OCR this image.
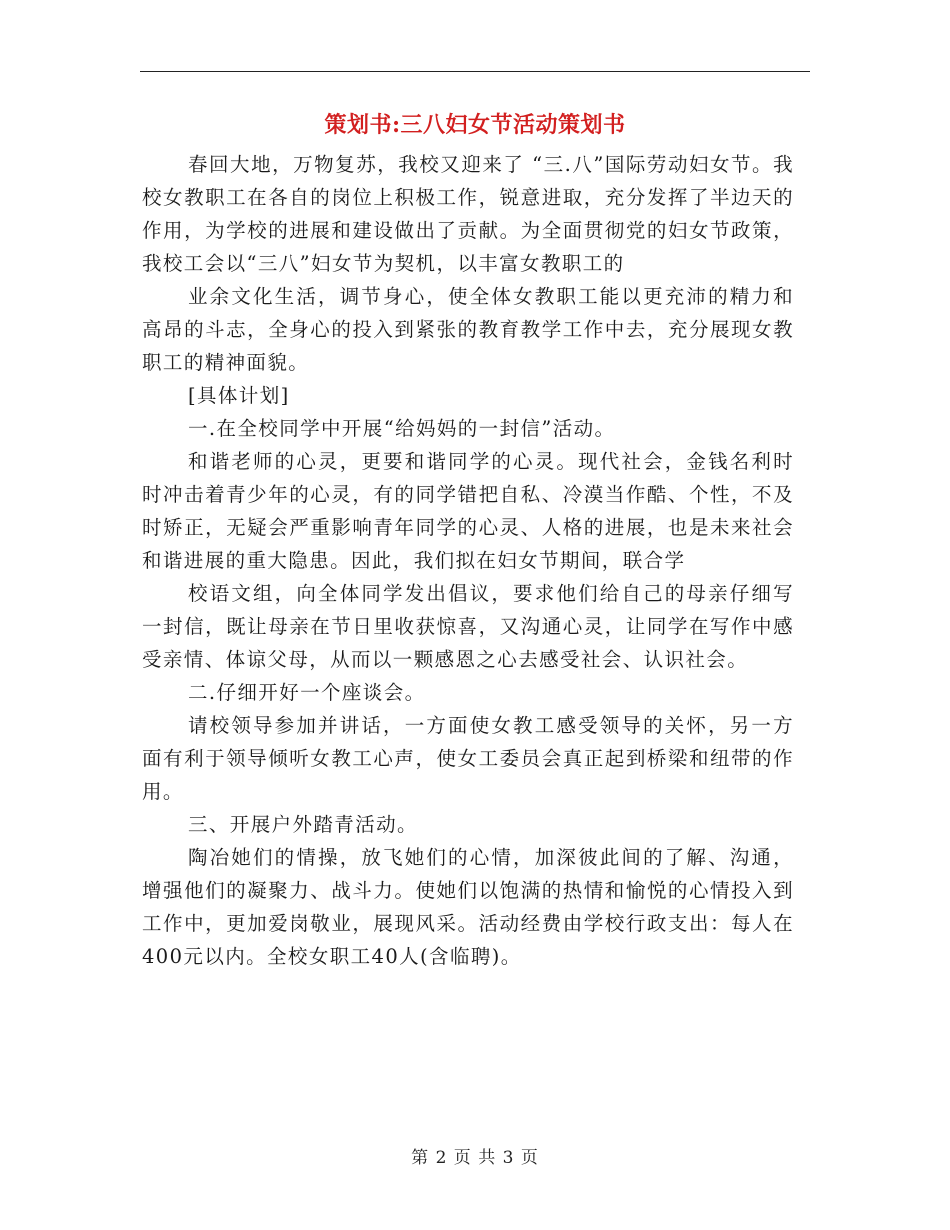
策划书:三八妇女节活动策划书

春回大地，万物复苏，我校又迎来了 “三.八”国际劳动妇女节。我校女教职工在各自的岗位上积极工作，锐意进取，充分发挥了半边天的作用，为学校的进展和建设做出了贡献。为全面贯彻党的妇女节政策，我校工会以“三八”妇女节为契机，以丰富女教职工的

业余文化生活，调节身心，使全体女教职工能以更充沛的精力和高昂的斗志，全身心的投入到紧张的教育教学工作中去，充分展现女教职工的精神面貌。

[具体计划]

一.在全校同学中开展“给妈妈的一封信”活动。

和谐老师的心灵，更要和谐同学的心灵。现代社会，金钱名利时时冲击着青少年的心灵，有的同学错把自私、冷漠当作酷、个性，不及时矫正，无疑会严重影响青年同学的心灵、人格的进展，也是未来社会和谐进展的重大隐患。因此，我们拟在妇女节期间，联合学

校语文组，向全体同学发出倡议，要求他们给自己的母亲仔细写一封信，既让母亲在节日里收获惊喜，又沟通心灵，让同学在写作中感受亲情、体谅父母，从而以一颗感恩之心去感受社会、认识社会。

二.仔细开好一个座谈会。

请校领导参加并讲话，一方面使女教工感受领导的关怀，另一方面有利于领导倾听女教工心声，使女工委员会真正起到桥梁和纽带的作用。

三、开展户外踏青活动。

陶冶她们的情操，放飞她们的心情，加深彼此间的了解、沟通，增强他们的凝聚力、战斗力。使她们以饱满的热情和愉悦的心情投入到工作中，更加爱岗敬业，展现风采。活动经费由学校行政支出：每人在400元以内。全校女职工40人(含临聘)。

第 2 页 共 3 页
